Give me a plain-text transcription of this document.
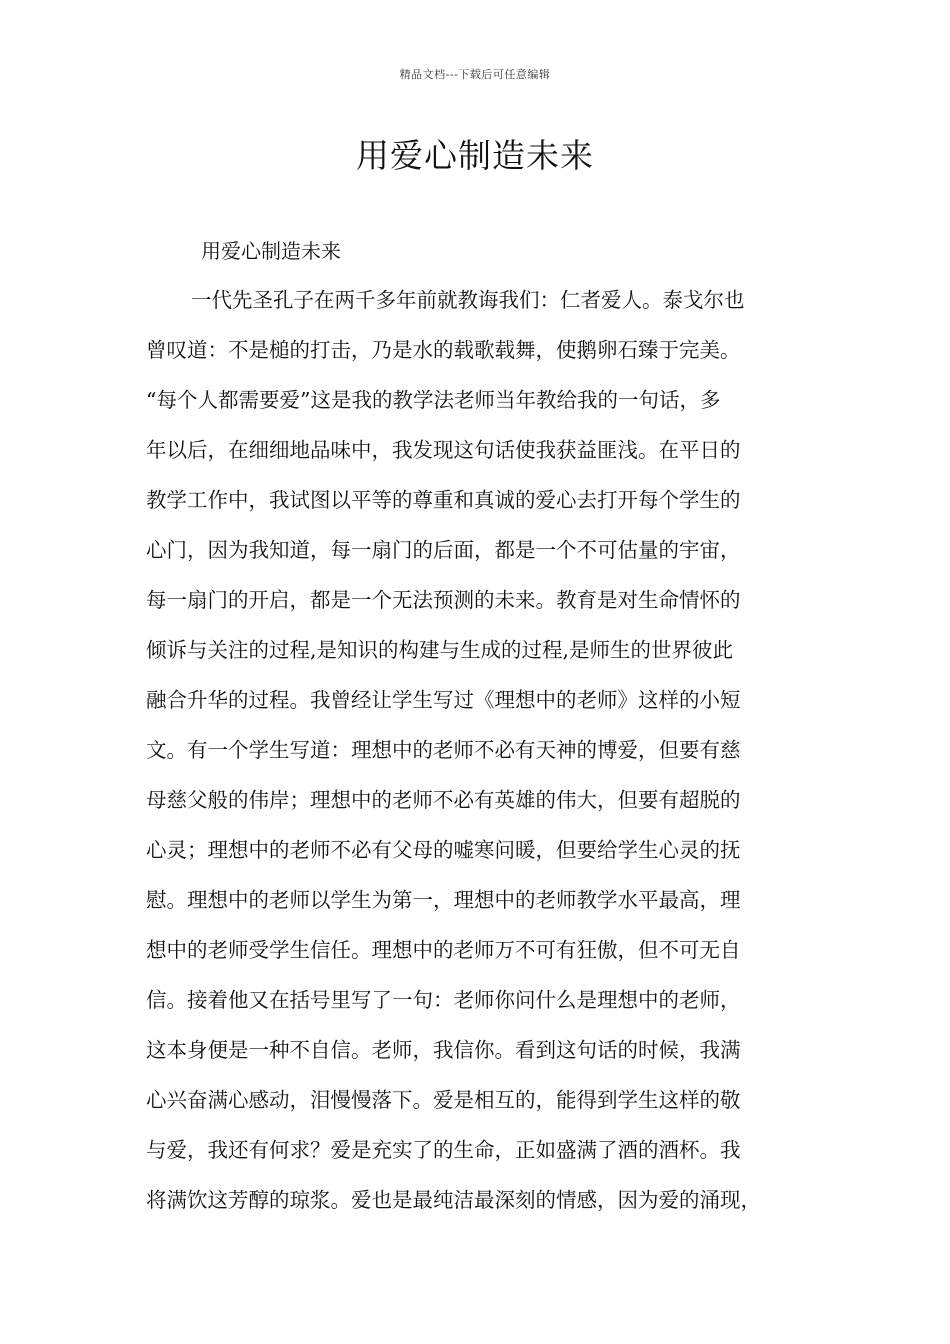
精品文档---下载后可任意编辑
用爱心制造未来
用爱心制造未来
一代先圣孔子在两千多年前就教诲我们：仁者爱人。泰戈尔也
曾叹道：不是槌的打击，乃是水的载歌载舞，使鹅卵石臻于完美。
“每个人都需要爱”这是我的教学法老师当年教给我的一句话，多
年以后，在细细地品味中，我发现这句话使我获益匪浅。在平日的
教学工作中，我试图以平等的尊重和真诚的爱心去打开每个学生的
心门，因为我知道，每一扇门的后面，都是一个不可估量的宇宙，
每一扇门的开启，都是一个无法预测的未来。教育是对生命情怀的
倾诉与关注的过程,是知识的构建与生成的过程,是师生的世界彼此
融合升华的过程。我曾经让学生写过《理想中的老师》这样的小短
文。有一个学生写道：理想中的老师不必有天神的博爱，但要有慈
母慈父般的伟岸；理想中的老师不必有英雄的伟大，但要有超脱的
心灵；理想中的老师不必有父母的嘘寒问暖，但要给学生心灵的抚
慰。理想中的老师以学生为第一，理想中的老师教学水平最高，理
想中的老师受学生信任。理想中的老师万不可有狂傲，但不可无自
信。接着他又在括号里写了一句：老师你问什么是理想中的老师，
这本身便是一种不自信。老师，我信你。看到这句话的时候，我满
心兴奋满心感动，泪慢慢落下。爱是相互的，能得到学生这样的敬
与爱，我还有何求？爱是充实了的生命，正如盛满了酒的酒杯。我
将满饮这芳醇的琼浆。爱也是最纯洁最深刻的情感，因为爱的涌现，
